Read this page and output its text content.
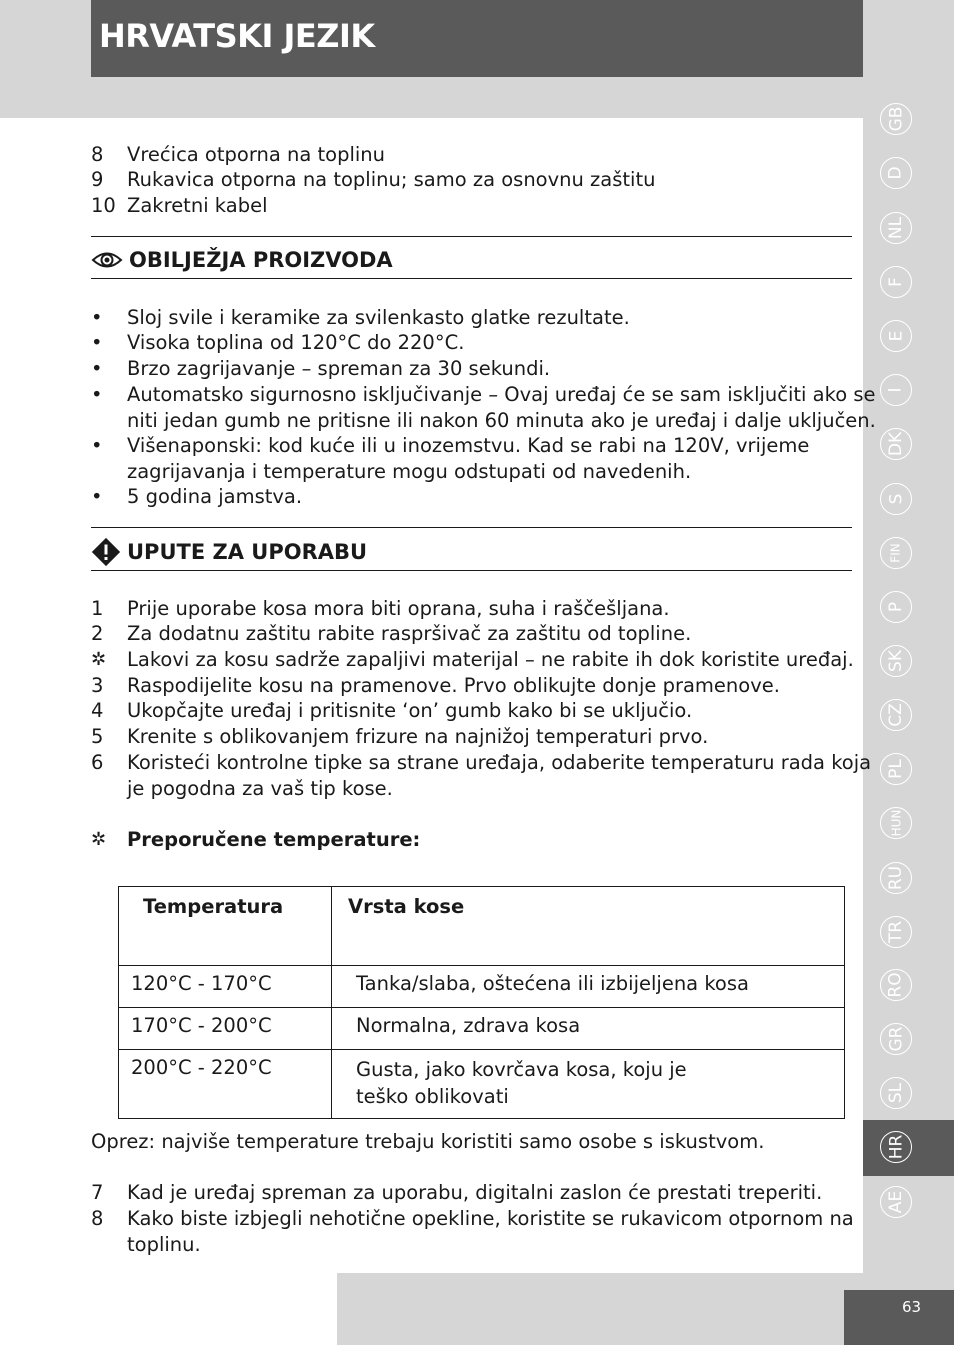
HRVATSKI JEZIK
63
GB
D
NL
F
E
I
DK
S
FIN
P
SK
CZ
PL
HUN
RU
TR
RO
GR
SL
HR
AE
8 Vrećica otporna na toplinu
9 Rukavica otporna na toplinu; samo za osnovnu zaštitu
10 Zakretni kabel
OBILJEŽJA PROIZVODA
• Sloj svile i keramike za svilenkasto glatke rezultate.
• Visoka toplina od 120°C do 220°C.
• Brzo zagrijavanje – spreman za 30 sekundi.
• Automatsko sigurnosno isključivanje – Ovaj uređaj će se sam isključiti ako se
niti jedan gumb ne pritisne ili nakon 60 minuta ako je uređaj i dalje uključen.
• Višenaponski: kod kuće ili u inozemstvu. Kad se rabi na 120V, vrijeme
zagrijavanja i temperature mogu odstupati od navedenih.
• 5 godina jamstva.
UPUTE ZA UPORABU
1 Prije uporabe kosa mora biti oprana, suha i raščešljana.
2 Za dodatnu zaštitu rabite raspršivač za zaštitu od topline.
✲ Lakovi za kosu sadrže zapaljivi materijal – ne rabite ih dok koristite uređaj.
3 Raspodijelite kosu na pramenove. Prvo oblikujte donje pramenove.
4 Ukopčajte uređaj i pritisnite ‘on’ gumb kako bi se uključio.
5 Krenite s oblikovanjem frizure na najnižoj temperaturi prvo.
6 Koristeći kontrolne tipke sa strane uređaja, odaberite temperaturu rada koja
je pogodna za vaš tip kose.
✲ Preporučene temperature:
Temperatura	Vrsta kose
120°C - 170°C	Tanka/slaba, oštećena ili izbijeljena kosa
170°C - 200°C	Normalna, zdrava kosa
200°C - 220°C	Gusta, jako kovrčava kosa, koju je teško oblikovati
Oprez: najviše temperature trebaju koristiti samo osobe s iskustvom.
7 Kad je uređaj spreman za uporabu, digitalni zaslon će prestati treperiti.
8 Kako biste izbjegli nehotične opekline, koristite se rukavicom otpornom na
toplinu.
